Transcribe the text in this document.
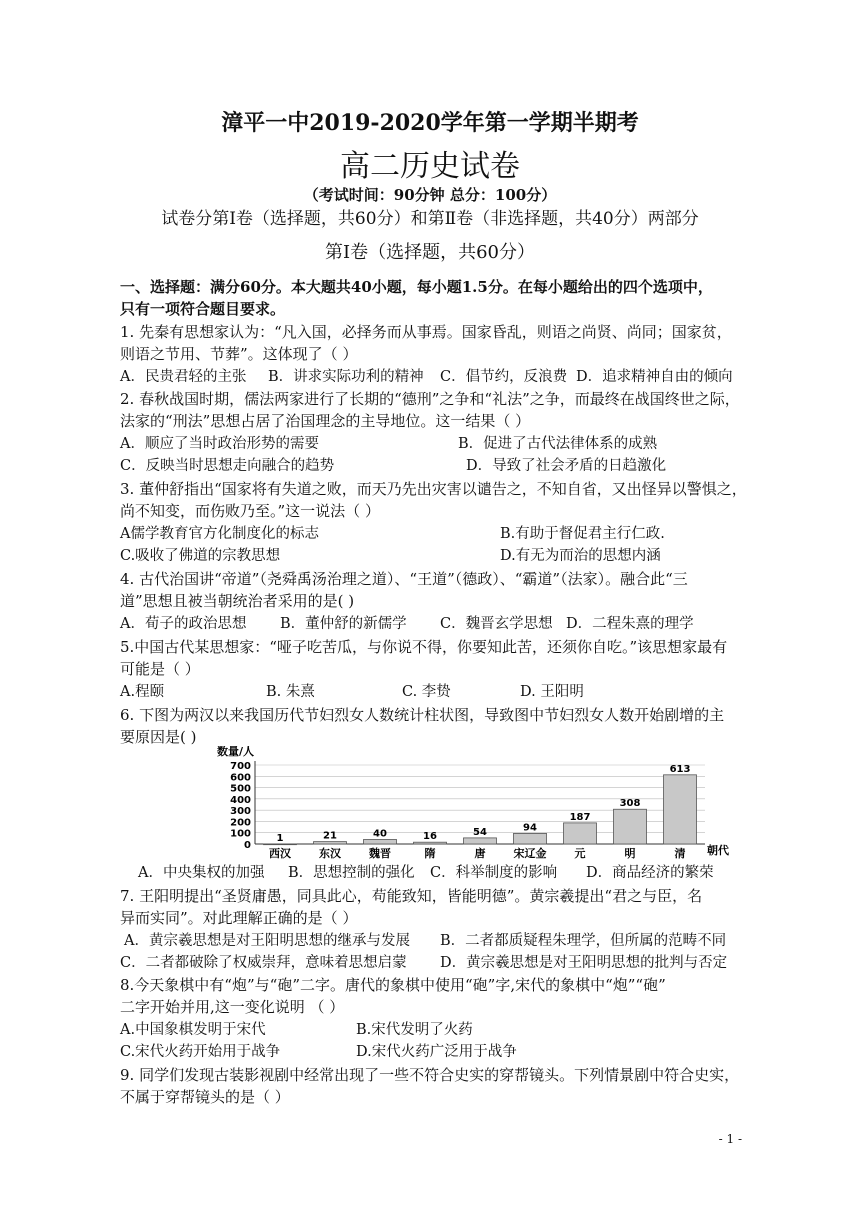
漳平一中2019-2020学年第一学期半期考
高二历史试卷
（考试时间：90分钟 总分：100分）
试卷分第Ⅰ卷（选择题，共60分）和第Ⅱ卷（非选择题，共40分）两部分
第Ⅰ卷（选择题，共60分）
一、选择题：满分60分。本大题共40小题，每小题1.5分。在每小题给出的四个选项中，
只有一项符合题目要求。
1. 先秦有思想家认为：“凡入国，必择务而从事焉。国家昏乱，则语之尚贤、尚同；国家贫，
则语之节用、节葬”。这体现了（ ）
A．民贵君轻的主张 B．讲求实际功利的精神 C．倡节约，反浪费 D．追求精神自由的倾向
2. 春秋战国时期，儒法两家进行了长期的“德刑”之争和“礼法”之争，而最终在战国终世之际，
法家的“刑法”思想占居了治国理念的主导地位。这一结果（ ）
A．顺应了当时政治形势的需要	B．促进了古代法律体系的成熟
C．反映当时思想走向融合的趋势	D．导致了社会矛盾的日趋激化
3. 董仲舒指出“国家将有失道之败，而天乃先出灾害以谴告之，不知自省，又出怪异以警惧之，
尚不知变，而伤败乃至。”这一说法（ ）
A儒学教育官方化制度化的标志	B.有助于督促君主行仁政.
C.吸收了佛道的宗教思想	D.有无为而治的思想内涵
4. 古代治国讲“帝道”（尧舜禹汤治理之道）、“王道”（德政）、“霸道”（法家）。融合此“三
道”思想且被当朝统治者采用的是( )
A．荀子的政治思想 B．董仲舒的新儒学 C．魏晋玄学思想 D．二程朱熹的理学
5.中国古代某思想家：“哑子吃苦瓜，与你说不得，你要知此苦，还须你自吃。”该思想家最有
可能是（ ）
A.程颐	B. 朱熹	C. 李贽	D. 王阳明
6. 下图为两汉以来我国历代节妇烈女人数统计柱状图，导致图中节妇烈女人数开始剧增的主
要原因是( )
数量/人
朝代
0
100
200
300
400
500
600
700
1
西汉
21
东汉
40
魏晋
16
隋
54
唐
94
宋辽金
187
元
308
明
613
清
A．中央集权的加强 B．思想控制的强化 C．科举制度的影响 D．商品经济的繁荣
7. 王阳明提出“圣贤庸愚，同具此心，苟能致知，皆能明德”。黄宗羲提出“君之与臣，名
异而实同”。对此理解正确的是（ ）
A．黄宗羲思想是对王阳明思想的继承与发展 B．二者都质疑程朱理学，但所属的范畴不同
C．二者都破除了权威崇拜，意味着思想启蒙 D．黄宗羲思想是对王阳明思想的批判与否定
8.今天象棋中有“炮”与“砲”二字。唐代的象棋中使用“砲”字,宋代的象棋中“炮”“砲”
二字开始并用,这一变化说明 （ ）
A.中国象棋发明于宋代	B.宋代发明了火药
C.宋代火药开始用于战争	D.宋代火药广泛用于战争
9. 同学们发现古装影视剧中经常出现了一些不符合史实的穿帮镜头。下列情景剧中符合史实，
不属于穿帮镜头的是（ ）
- 1 -
